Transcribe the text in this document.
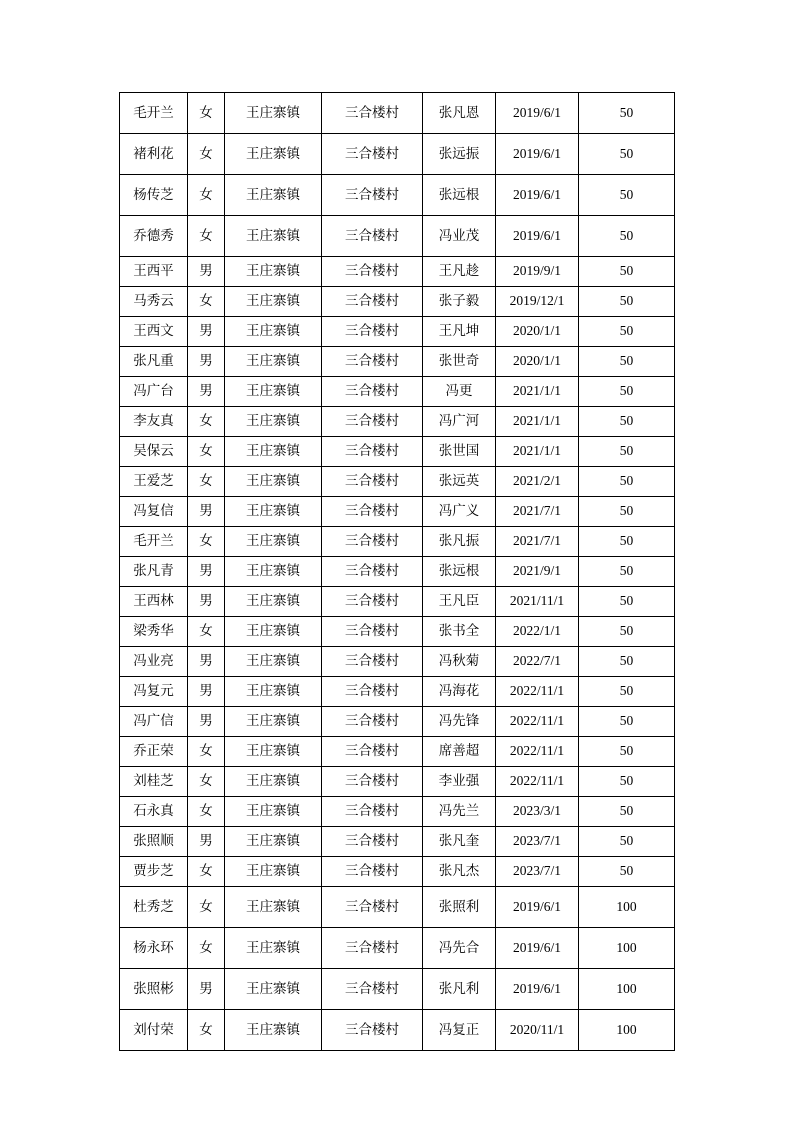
毛开兰	女	王庄寨镇	三合楼村	张凡恩	2019/6/1	50
褚利花	女	王庄寨镇	三合楼村	张远振	2019/6/1	50
杨传芝	女	王庄寨镇	三合楼村	张远根	2019/6/1	50
乔德秀	女	王庄寨镇	三合楼村	冯业茂	2019/6/1	50
王西平	男	王庄寨镇	三合楼村	王凡趁	2019/9/1	50
马秀云	女	王庄寨镇	三合楼村	张子毅	2019/12/1	50
王西文	男	王庄寨镇	三合楼村	王凡坤	2020/1/1	50
张凡重	男	王庄寨镇	三合楼村	张世奇	2020/1/1	50
冯广台	男	王庄寨镇	三合楼村	冯更	2021/1/1	50
李友真	女	王庄寨镇	三合楼村	冯广河	2021/1/1	50
吴保云	女	王庄寨镇	三合楼村	张世国	2021/1/1	50
王爱芝	女	王庄寨镇	三合楼村	张远英	2021/2/1	50
冯复信	男	王庄寨镇	三合楼村	冯广义	2021/7/1	50
毛开兰	女	王庄寨镇	三合楼村	张凡振	2021/7/1	50
张凡青	男	王庄寨镇	三合楼村	张远根	2021/9/1	50
王西林	男	王庄寨镇	三合楼村	王凡臣	2021/11/1	50
梁秀华	女	王庄寨镇	三合楼村	张书全	2022/1/1	50
冯业亮	男	王庄寨镇	三合楼村	冯秋菊	2022/7/1	50
冯复元	男	王庄寨镇	三合楼村	冯海花	2022/11/1	50
冯广信	男	王庄寨镇	三合楼村	冯先锋	2022/11/1	50
乔正荣	女	王庄寨镇	三合楼村	席善超	2022/11/1	50
刘桂芝	女	王庄寨镇	三合楼村	李业强	2022/11/1	50
石永真	女	王庄寨镇	三合楼村	冯先兰	2023/3/1	50
张照顺	男	王庄寨镇	三合楼村	张凡奎	2023/7/1	50
贾步芝	女	王庄寨镇	三合楼村	张凡杰	2023/7/1	50
杜秀芝	女	王庄寨镇	三合楼村	张照利	2019/6/1	100
杨永环	女	王庄寨镇	三合楼村	冯先合	2019/6/1	100
张照彬	男	王庄寨镇	三合楼村	张凡利	2019/6/1	100
刘付荣	女	王庄寨镇	三合楼村	冯复正	2020/11/1	100
